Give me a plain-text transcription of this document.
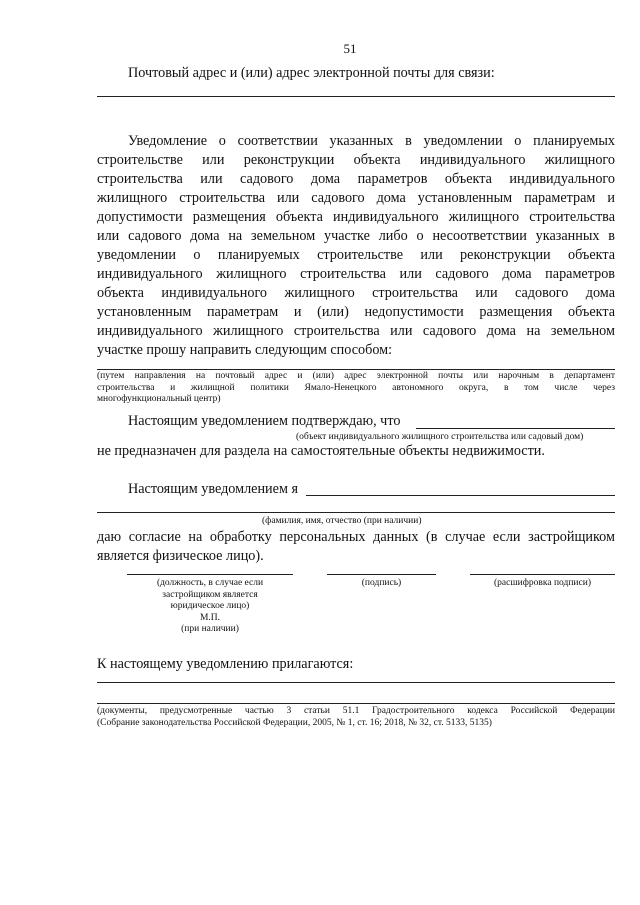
51
Почтовый адрес и (или) адрес электронной почты для связи:
Уведомление о соответствии указанных в уведомлении о планируемых
строительстве или реконструкции объекта индивидуального жилищного
строительства или садового дома параметров объекта индивидуального
жилищного строительства или садового дома установленным параметрам и
допустимости размещения объекта индивидуального жилищного строительства
или садового дома на земельном участке либо о несоответствии указанных в
уведомлении о планируемых строительстве или реконструкции объекта
индивидуального жилищного строительства или садового дома параметров
объекта индивидуального жилищного строительства или садового дома
установленным параметрам и (или) недопустимости размещения объекта
индивидуального жилищного строительства или садового дома на земельном
участке прошу направить следующим способом:
(путем направления на почтовый адрес и (или) адрес электронной почты или нарочным в департамент
строительства и жилищной политики Ямало-Ненецкого автономного округа, в том числе через
многофункциональный центр)
Настоящим уведомлением подтверждаю, что
(объект индивидуального жилищного строительства или садовый дом)
не предназначен для раздела на самостоятельные объекты недвижимости.
Настоящим уведомлением я
(фамилия, имя, отчество (при наличии)
даю согласие на обработку персональных данных (в случае если застройщиком
является физическое лицо).
(должность, в случае если
застройщиком является
юридическое лицо)
М.П.
(при наличии)
(подпись)	(расшифровка подписи)
К настоящему уведомлению прилагаются:
(документы, предусмотренные частью 3 статьи 51.1 Градостроительного кодекса Российской Федерации
(Собрание законодательства Российской Федерации, 2005, № 1, ст. 16; 2018, № 32, ст. 5133, 5135)
